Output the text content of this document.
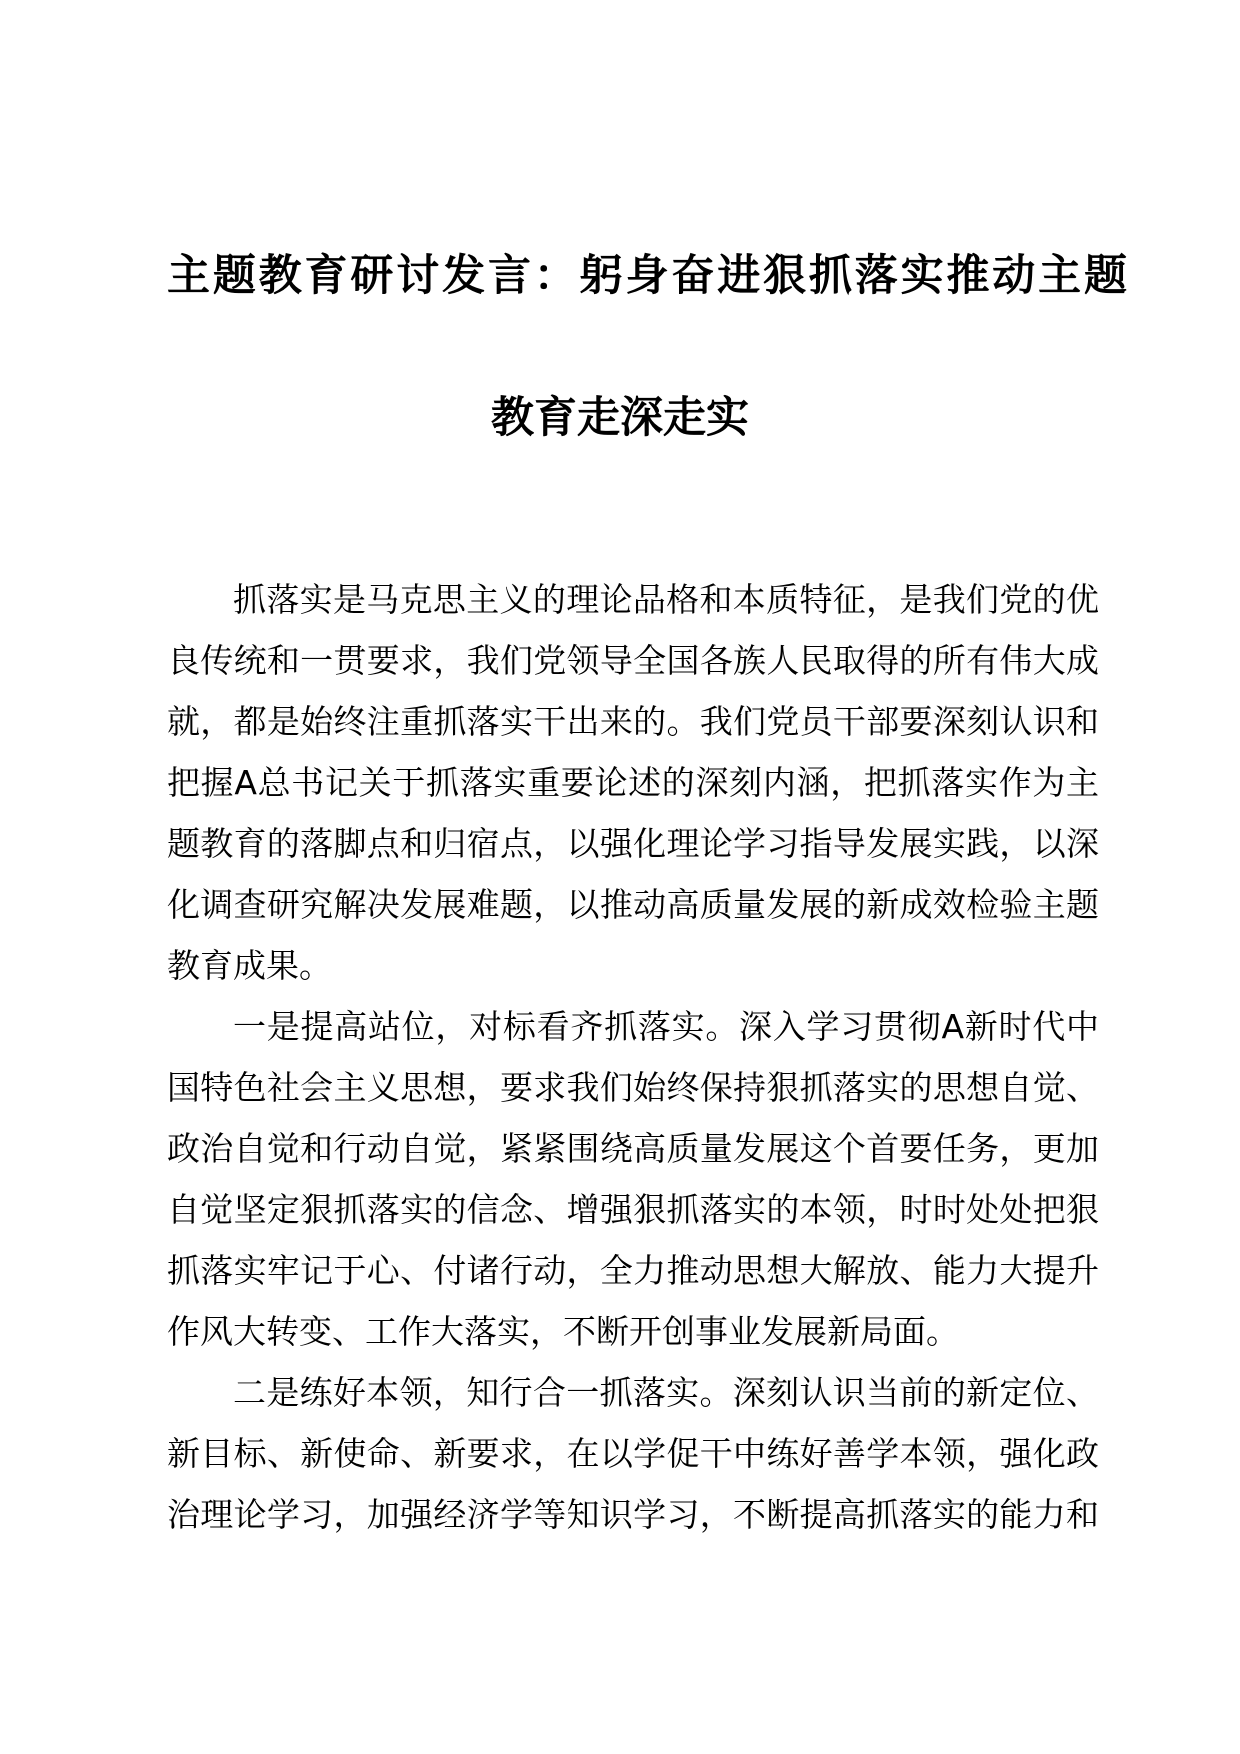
主题教育研讨发言：躬身奋进狠抓落实推动主题
教育走深走实

抓落实是马克思主义的理论品格和本质特征，是我们党的优

良传统和一贯要求，我们党领导全国各族人民取得的所有伟大成

就，都是始终注重抓落实干出来的。我们党员干部要深刻认识和

把握A总书记关于抓落实重要论述的深刻内涵，把抓落实作为主

题教育的落脚点和归宿点，以强化理论学习指导发展实践，以深

化调查研究解决发展难题，以推动高质量发展的新成效检验主题

教育成果。

一是提高站位，对标看齐抓落实。深入学习贯彻A新时代中

国特色社会主义思想，要求我们始终保持狠抓落实的思想自觉、

政治自觉和行动自觉，紧紧围绕高质量发展这个首要任务，更加

自觉坚定狠抓落实的信念、增强狠抓落实的本领，时时处处把狠

抓落实牢记于心、付诸行动，全力推动思想大解放、能力大提升

作风大转变、工作大落实，不断开创事业发展新局面。

二是练好本领，知行合一抓落实。深刻认识当前的新定位、

新目标、新使命、新要求，在以学促干中练好善学本领，强化政

治理论学习，加强经济学等知识学习，不断提高抓落实的能力和
